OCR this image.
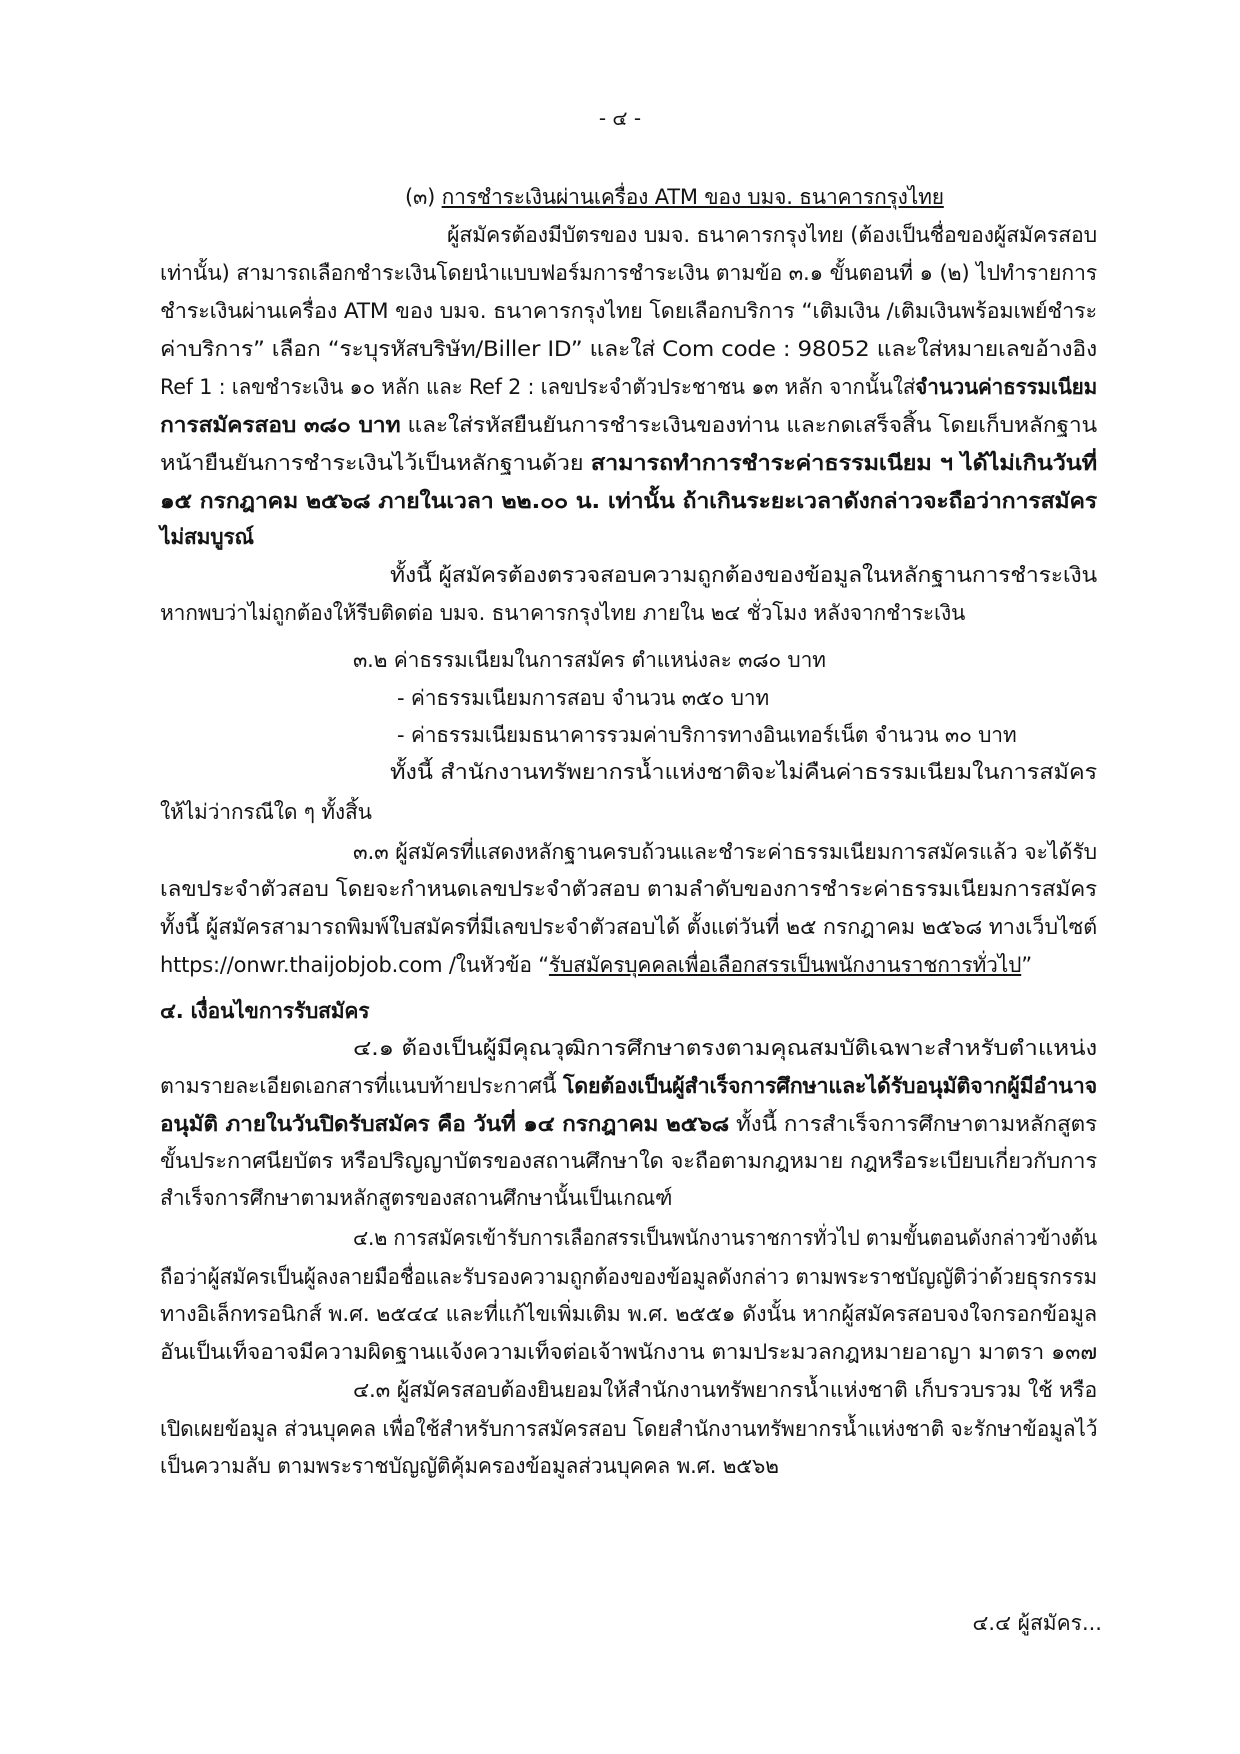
- ๔ -
(๓) การชำระเงินผ่านเครื่อง ATM ของ บมจ. ธนาคารกรุงไทย
ผู้สมัครต้องมีบัตรของ บมจ. ธนาคารกรุงไทย (ต้องเป็นชื่อของผู้สมัครสอบ
เท่านั้น) สามารถเลือกชำระเงินโดยนำแบบฟอร์มการชำระเงิน ตามข้อ ๓.๑ ขั้นตอนที่ ๑ (๒) ไปทำรายการ
ชำระเงินผ่านเครื่อง ATM ของ บมจ. ธนาคารกรุงไทย โดยเลือกบริการ “เติมเงิน /เติมเงินพร้อมเพย์ชำระ
ค่าบริการ” เลือก “ระบุรหัสบริษัท/Biller ID” และใส่ Com code : 98052 และใส่หมายเลขอ้างอิง
Ref 1 : เลขชำระเงิน ๑๐ หลัก และ Ref 2 : เลขประจำตัวประชาชน ๑๓ หลัก จากนั้นใส่จำนวนค่าธรรมเนียม
การสมัครสอบ ๓๘๐ บาท และใส่รหัสยืนยันการชำระเงินของท่าน และกดเสร็จสิ้น โดยเก็บหลักฐาน
หน้ายืนยันการชำระเงินไว้เป็นหลักฐานด้วย สามารถทำการชำระค่าธรรมเนียม ฯ ได้ไม่เกินวันที่
๑๕ กรกฎาคม ๒๕๖๘ ภายในเวลา ๒๒.๐๐ น. เท่านั้น ถ้าเกินระยะเวลาดังกล่าวจะถือว่าการสมัคร
ไม่สมบูรณ์
ทั้งนี้ ผู้สมัครต้องตรวจสอบความถูกต้องของข้อมูลในหลักฐานการชำระเงิน
หากพบว่าไม่ถูกต้องให้รีบติดต่อ บมจ. ธนาคารกรุงไทย ภายใน ๒๔ ชั่วโมง หลังจากชำระเงิน
๓.๒ ค่าธรรมเนียมในการสมัคร ตำแหน่งละ ๓๘๐ บาท
- ค่าธรรมเนียมการสอบ จำนวน ๓๕๐ บาท
- ค่าธรรมเนียมธนาคารรวมค่าบริการทางอินเทอร์เน็ต จำนวน ๓๐ บาท
ทั้งนี้ สำนักงานทรัพยากรน้ำแห่งชาติจะไม่คืนค่าธรรมเนียมในการสมัคร
ให้ไม่ว่ากรณีใด ๆ ทั้งสิ้น
๓.๓ ผู้สมัครที่แสดงหลักฐานครบถ้วนและชำระค่าธรรมเนียมการสมัครแล้ว จะได้รับ
เลขประจำตัวสอบ โดยจะกำหนดเลขประจำตัวสอบ ตามลำดับของการชำระค่าธรรมเนียมการสมัคร
ทั้งนี้ ผู้สมัครสามารถพิมพ์ใบสมัครที่มีเลขประจำตัวสอบได้ ตั้งแต่วันที่ ๒๕ กรกฎาคม ๒๕๖๘ ทางเว็บไซต์
https://onwr.thaijobjob.com /ในหัวข้อ “รับสมัครบุคคลเพื่อเลือกสรรเป็นพนักงานราชการทั่วไป”
๔. เงื่อนไขการรับสมัคร
๔.๑ ต้องเป็นผู้มีคุณวุฒิการศึกษาตรงตามคุณสมบัติเฉพาะสำหรับตำแหน่ง
ตามรายละเอียดเอกสารที่แนบท้ายประกาศนี้ โดยต้องเป็นผู้สำเร็จการศึกษาและได้รับอนุมัติจากผู้มีอำนาจ
อนุมัติ ภายในวันปิดรับสมัคร คือ วันที่ ๑๔ กรกฎาคม ๒๕๖๘ ทั้งนี้ การสำเร็จการศึกษาตามหลักสูตร
ขั้นประกาศนียบัตร หรือปริญญาบัตรของสถานศึกษาใด จะถือตามกฎหมาย กฎหรือระเบียบเกี่ยวกับการ
สำเร็จการศึกษาตามหลักสูตรของสถานศึกษานั้นเป็นเกณฑ์
๔.๒ การสมัครเข้ารับการเลือกสรรเป็นพนักงานราชการทั่วไป ตามขั้นตอนดังกล่าวข้างต้น
ถือว่าผู้สมัครเป็นผู้ลงลายมือชื่อและรับรองความถูกต้องของข้อมูลดังกล่าว ตามพระราชบัญญัติว่าด้วยธุรกรรม
ทางอิเล็กทรอนิกส์ พ.ศ. ๒๕๔๔ และที่แก้ไขเพิ่มเติม พ.ศ. ๒๕๕๑ ดังนั้น หากผู้สมัครสอบจงใจกรอกข้อมูล
อันเป็นเท็จอาจมีความผิดฐานแจ้งความเท็จต่อเจ้าพนักงาน ตามประมวลกฎหมายอาญา มาตรา ๑๓๗
๔.๓ ผู้สมัครสอบต้องยินยอมให้สำนักงานทรัพยากรน้ำแห่งชาติ เก็บรวบรวม ใช้ หรือ
เปิดเผยข้อมูล ส่วนบุคคล เพื่อใช้สำหรับการสมัครสอบ โดยสำนักงานทรัพยากรน้ำแห่งชาติ จะรักษาข้อมูลไว้
เป็นความลับ ตามพระราชบัญญัติคุ้มครองข้อมูลส่วนบุคคล พ.ศ. ๒๕๖๒
๔.๔ ผู้สมัคร...
